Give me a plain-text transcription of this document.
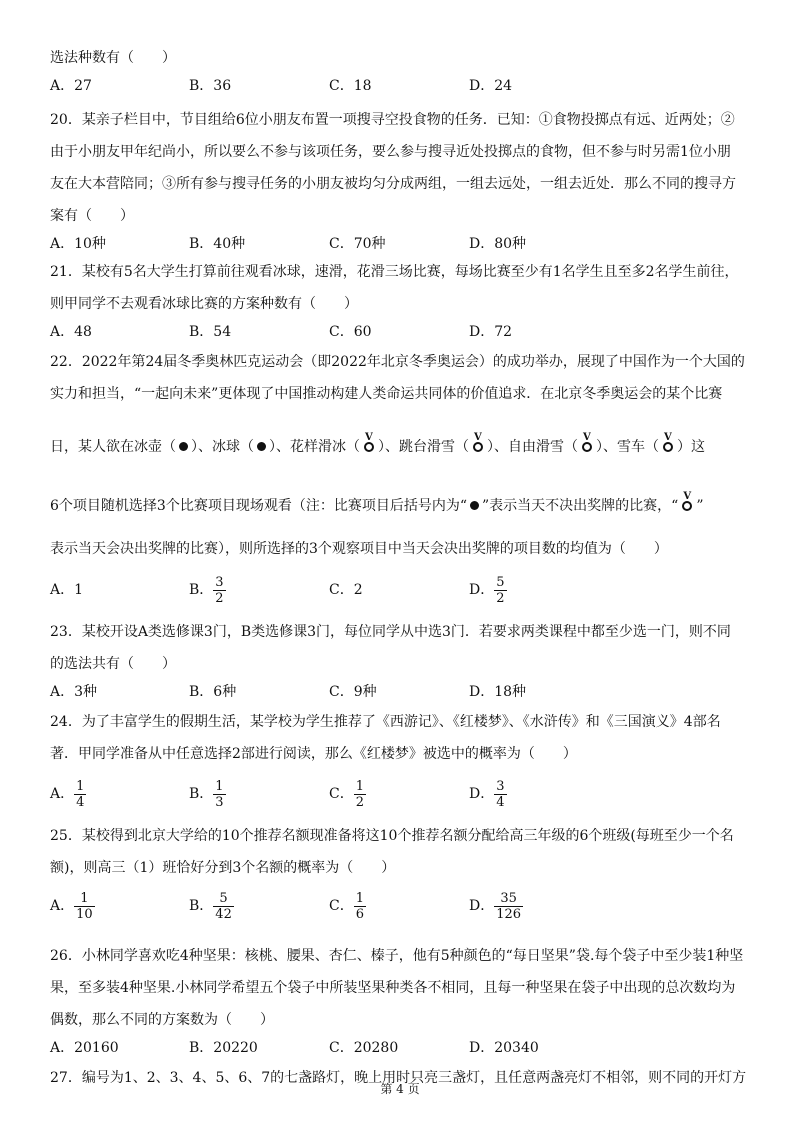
选法种数有（　　）
A．27	B．36	C．18	D．24
20．某亲子栏目中，节目组给6位小朋友布置一项搜寻空投食物的任务．已知：①食物投掷点有远、近两处；②
由于小朋友甲年纪尚小，所以要么不参与该项任务，要么参与搜寻近处投掷点的食物，但不参与时另需1位小朋
友在大本营陪同；③所有参与搜寻任务的小朋友被均匀分成两组，一组去远处，一组去近处．那么不同的搜寻方
案有（　　）
A．10种	B．40种	C．70种	D．80种
21．某校有5名大学生打算前往观看冰球，速滑，花滑三场比赛，每场比赛至少有1名学生且至多2名学生前往，
则甲同学不去观看冰球比赛的方案种数有（　　）
A．48	B．54	C．60	D．72
22．2022年第24届冬季奥林匹克运动会（即2022年北京冬季奥运会）的成功举办，展现了中国作为一个大国的
实力和担当，“一起向未来”更体现了中国推动构建人类命运共同体的价值追求．在北京冬季奥运会的某个比赛
日，某人欲在冰壶（ ）、冰球（ ）、花样滑冰（
V
）、跳台滑雪（
V
）、自由滑雪（
V
）、雪车（
V
）这
6个项目随机选择3个比赛项目现场观看（注：比赛项目后括号内为“ ”表示当天不决出奖牌的比赛，“
V
”
表示当天会决出奖牌的比赛），则所选择的3个观察项目中当天会决出奖牌的项目数的均值为（　　）
A．1	B． $\frac{3}{2}$	C．2	D． $\frac{5}{2}$
23．某校开设A类选修课3门，B类选修课3门，每位同学从中选3门．若要求两类课程中都至少选一门，则不同
的选法共有（　　）
A．3种	B．6种	C．9种	D．18种
24．为了丰富学生的假期生活，某学校为学生推荐了《西游记》、《红楼梦》、《水浒传》和《三国演义》4部名
著．甲同学准备从中任意选择2部进行阅读，那么《红楼梦》被选中的概率为（　　）
A． $\frac{1}{4}$	B． $\frac{1}{3}$	C． $\frac{1}{2}$	D． $\frac{3}{4}$
25．某校得到北京大学给的10个推荐名额现准备将这10个推荐名额分配给高三年级的6个班级(每班至少一个名
额)，则高三（1）班恰好分到3个名额的概率为（　　）
A． $\frac{1}{10}$	B． $\frac{5}{42}$	C． $\frac{1}{6}$	D． $\frac{35}{126}$
26．小林同学喜欢吃4种坚果：核桃、腰果、杏仁、榛子，他有5种颜色的“每日坚果”袋.每个袋子中至少装1种坚
果，至多装4种坚果.小林同学希望五个袋子中所装坚果种类各不相同，且每一种坚果在袋子中出现的总次数均为
偶数，那么不同的方案数为（　　）
A．20160	B．20220	C．20280	D．20340
27．编号为1、2、3、4、5、6、7的七盏路灯，晚上用时只亮三盏灯，且任意两盏亮灯不相邻，则不同的开灯方
第 4 页
